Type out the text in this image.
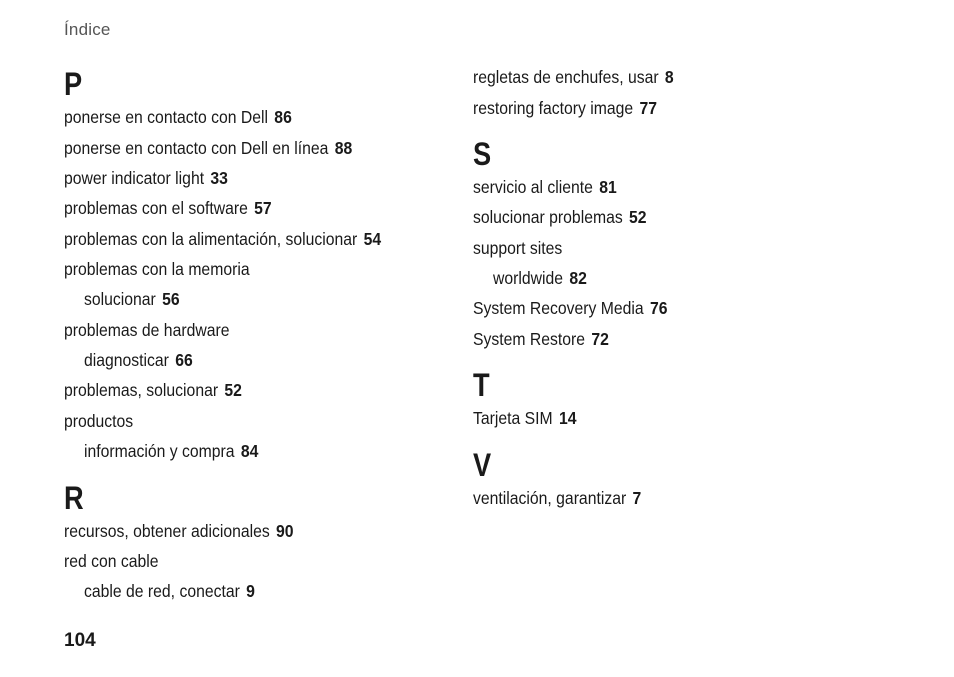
Índice
P
ponerse en contacto con Dell 86
ponerse en contacto con Dell en línea 88
power indicator light 33
problemas con el software 57
problemas con la alimentación, solucionar 54
problemas con la memoria
solucionar 56
problemas de hardware
diagnosticar 66
problemas, solucionar 52
productos
información y compra 84
R
recursos, obtener adicionales 90
red con cable
cable de red, conectar 9
regletas de enchufes, usar 8
restoring factory image 77
S
servicio al cliente 81
solucionar problemas 52
support sites
worldwide 82
System Recovery Media 76
System Restore 72
T
Tarjeta SIM 14
V
ventilación, garantizar 7
104
